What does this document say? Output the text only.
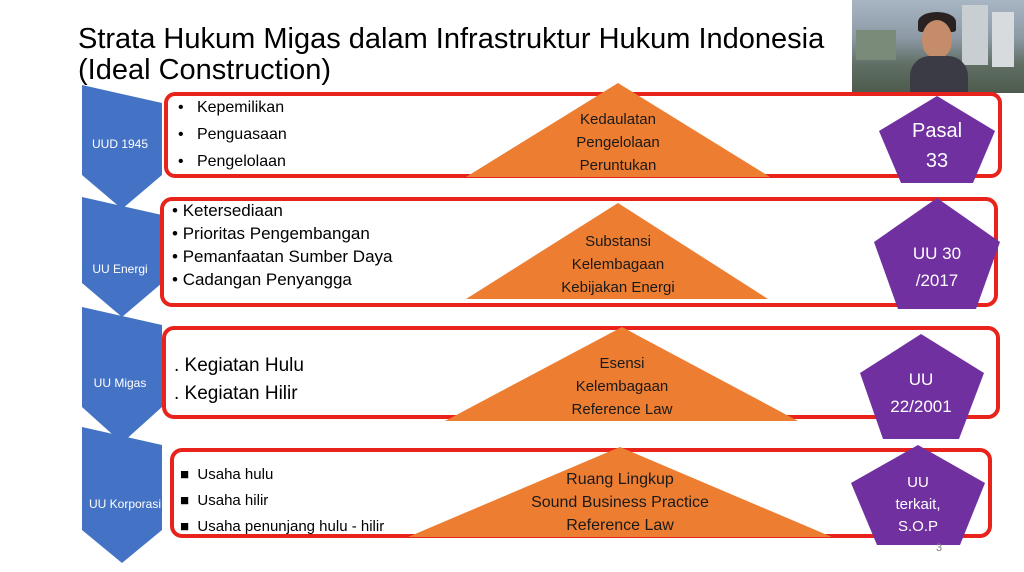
Strata Hukum Migas dalam Infrastruktur Hukum Indonesia
(Ideal Construction)
UUD 1945
UU Energi
UU Migas
UU Korporasi
•   Kepemilikan
•   Penguasaan
•   Pengelolaan
• Ketersediaan
• Prioritas Pengembangan
• Pemanfaatan Sumber Daya
• Cadangan Penyangga
. Kegiatan Hulu
. Kegiatan Hilir
■  Usaha hulu
■  Usaha hilir
■  Usaha penunjang hulu - hilir
Kedaulatan
Pengelolaan
Peruntukan
Substansi
Kelembagaan
Kebijakan Energi
Esensi
Kelembagaan
Reference Law
Ruang Lingkup
Sound Business Practice
Reference Law
Pasal
33
UU 30
/2017
UU
22/2001
UU
terkait,
S.O.P
3
